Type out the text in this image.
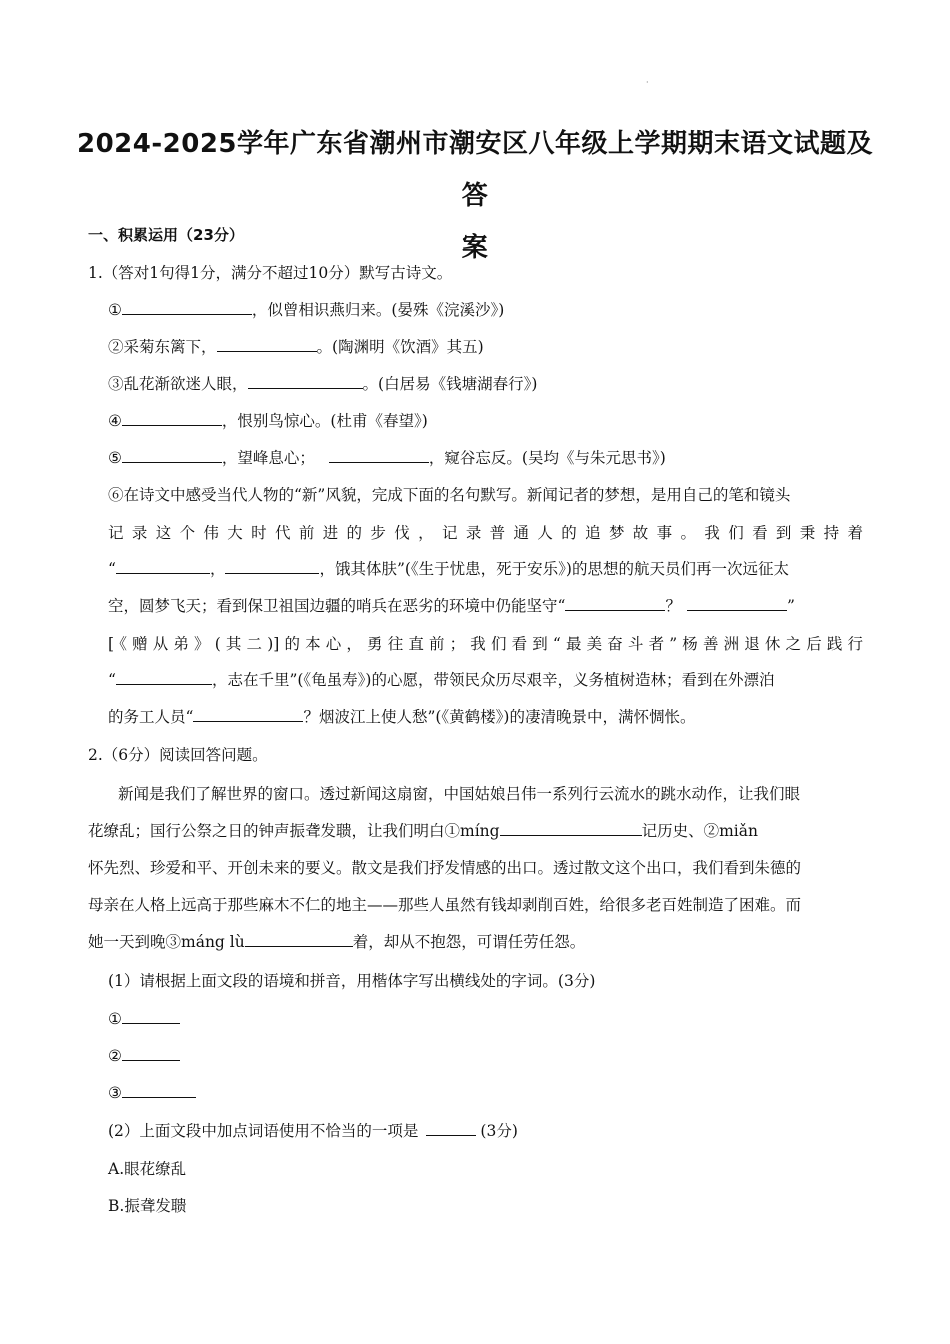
·
2024-2025学年广东省潮州市潮安区八年级上学期期末语文试题及答
案
一、积累运用（23分）
1.（答对1句得1分，满分不超过10分）默写古诗文。
①	，似曾相识燕归来。(晏殊《浣溪沙》)
②采菊东篱下，	。(陶渊明《饮酒》其五)
③乱花渐欲迷人眼，	。(白居易《钱塘湖春行》)
④	，恨别鸟惊心。(杜甫《春望》)
⑤	，望峰息心；	，窥谷忘反。(吴均《与朱元思书》)
⑥在诗文中感受当代人物的“新”风貌，完成下面的名句默写。新闻记者的梦想，是用自己的笔和镜头
记录这个伟大时代前进的步伐，记录普通人的追梦故事。我们看到秉持着
“	，	，饿其体肤”(《生于忧患，死于安乐》)的思想的航天员们再一次远征太
空，圆梦飞天；看到保卫祖国边疆的哨兵在恶劣的环境中仍能坚守“	？	”
[《赠从弟》(其二)]的本心，勇往直前；我们看到“最美奋斗者”杨善洲退休之后践行
“	，志在千里”(《龟虽寿》)的心愿，带领民众历尽艰辛，义务植树造林；看到在外漂泊
的务工人员“	？烟波江上使人愁”(《黄鹤楼》)的凄清晚景中，满怀惆怅。
2.（6分）阅读回答问题。
新闻是我们了解世界的窗口。透过新闻这扇窗，中国姑娘吕伟一系列行云流水的跳水动作，让我们眼
花缭乱；国行公祭之日的钟声振聋发聩，让我们明白①míng	记历史、②miǎn
怀先烈、珍爱和平、开创未来的要义。散文是我们抒发情感的出口。透过散文这个出口，我们看到朱德的
母亲在人格上远高于那些麻木不仁的地主——那些人虽然有钱却剥削百姓，给很多老百姓制造了困难。而
她一天到晚③máng lù	着，却从不抱怨，可谓任劳任怨。
(1）请根据上面文段的语境和拼音，用楷体字写出横线处的字词。(3分)
①
②
③
(2）上面文段中加点词语使用不恰当的一项是	(3分)
A.眼花缭乱
B.振聋发聩
